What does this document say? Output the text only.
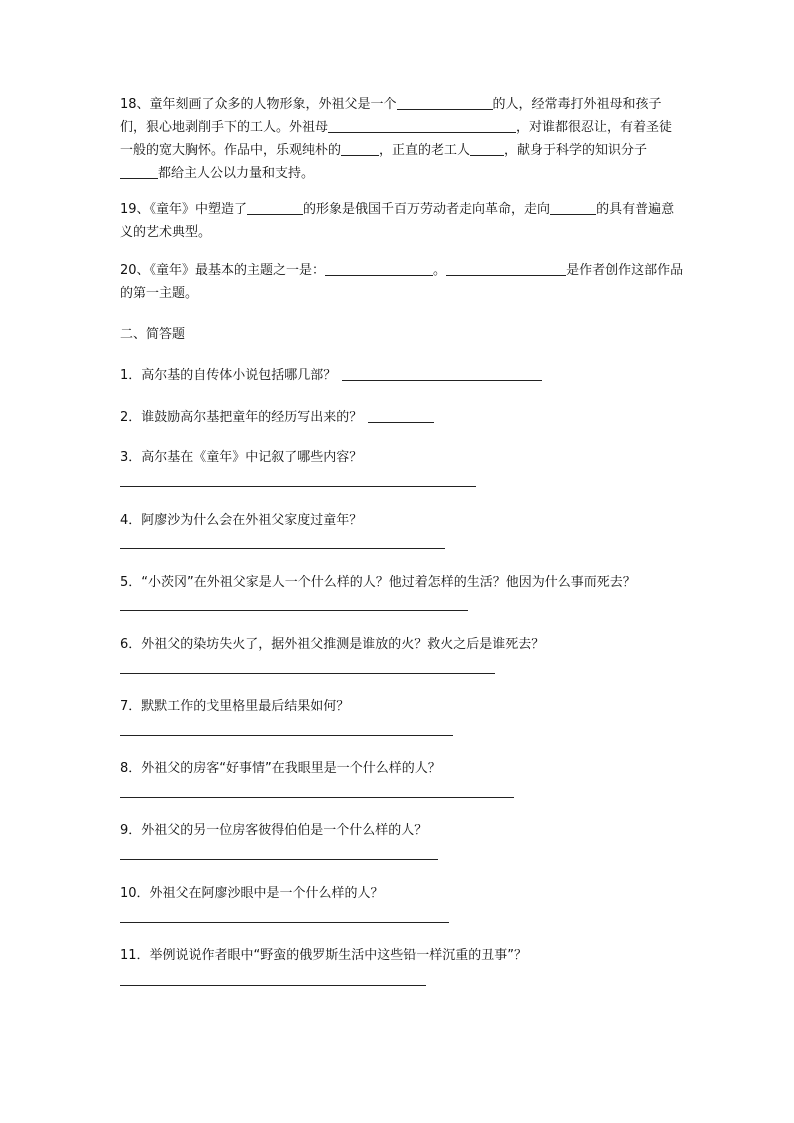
18、童年刻画了众多的人物形象，外祖父是一个	的人，经常毒打外祖母和孩子们，狠心地剥削手下的工人。外祖母	，对谁都很忍让，有着圣徒一般的宽大胸怀。作品中，乐观纯朴的	，正直的老工人	，献身于科学的知识分子都给主人公以力量和支持。

19、《童年》中塑造了	的形象是俄国千百万劳动者走向革命，走向	的具有普遍意义的艺术典型。

20、《童年》最基本的主题之一是：	。	是作者创作这部作品的第一主题。

二、简答题

1．高尔基的自传体小说包括哪几部？

2．谁鼓励高尔基把童年的经历写出来的？

3．高尔基在《童年》中记叙了哪些内容？

4．阿廖沙为什么会在外祖父家度过童年？

5．“小茨冈”在外祖父家是人一个什么样的人？他过着怎样的生活？他因为什么事而死去？

6．外祖父的染坊失火了，据外祖父推测是谁放的火？救火之后是谁死去？

7．默默工作的戈里格里最后结果如何？

8．外祖父的房客“好事情”在我眼里是一个什么样的人？

9．外祖父的另一位房客彼得伯伯是一个什么样的人？

10．外祖父在阿廖沙眼中是一个什么样的人？

11．举例说说作者眼中“野蛮的俄罗斯生活中这些铅一样沉重的丑事”？
